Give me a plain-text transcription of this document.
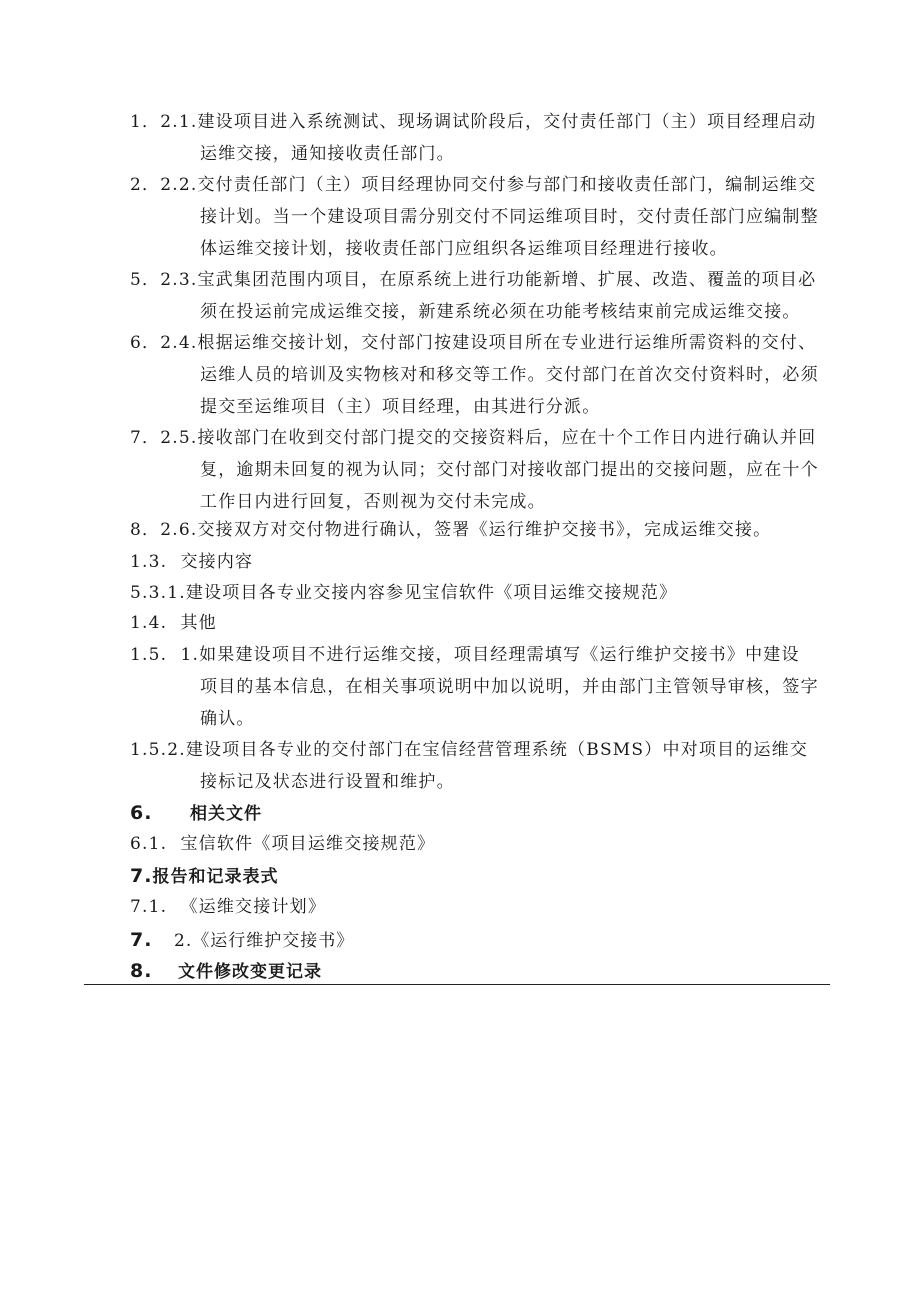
1．2.1.建设项目进入系统测试、现场调试阶段后，交付责任部门（主）项目经理启动
运维交接，通知接收责任部门。
2．2.2.交付责任部门（主）项目经理协同交付参与部门和接收责任部门，编制运维交
接计划。当一个建设项目需分别交付不同运维项目时，交付责任部门应编制整
体运维交接计划，接收责任部门应组织各运维项目经理进行接收。
5．2.3.宝武集团范围内项目，在原系统上进行功能新增、扩展、改造、覆盖的项目必
须在投运前完成运维交接，新建系统必须在功能考核结束前完成运维交接。
6．2.4.根据运维交接计划，交付部门按建设项目所在专业进行运维所需资料的交付、
运维人员的培训及实物核对和移交等工作。交付部门在首次交付资料时，必须
提交至运维项目（主）项目经理，由其进行分派。
7．2.5.接收部门在收到交付部门提交的交接资料后，应在十个工作日内进行确认并回
复，逾期未回复的视为认同；交付部门对接收部门提出的交接问题，应在十个
工作日内进行回复，否则视为交付未完成。
8．2.6.交接双方对交付物进行确认，签署《运行维护交接书》，完成运维交接。
1.3.  交接内容
5.3.1.建设项目各专业交接内容参见宝信软件《项目运维交接规范》
1.4.  其他
1.5.  1.如果建设项目不进行运维交接，项目经理需填写《运行维护交接书》中建设
项目的基本信息，在相关事项说明中加以说明，并由部门主管领导审核，签字
确认。
1.5.2.建设项目各专业的交付部门在宝信经营管理系统（BSMS）中对项目的运维交
接标记及状态进行设置和维护。
6. 相关文件
6.1.  宝信软件《项目运维交接规范》
7.报告和记录表式
7.1.  《运维交接计划》
7. 2.《运行维护交接书》
8. 文件修改变更记录
